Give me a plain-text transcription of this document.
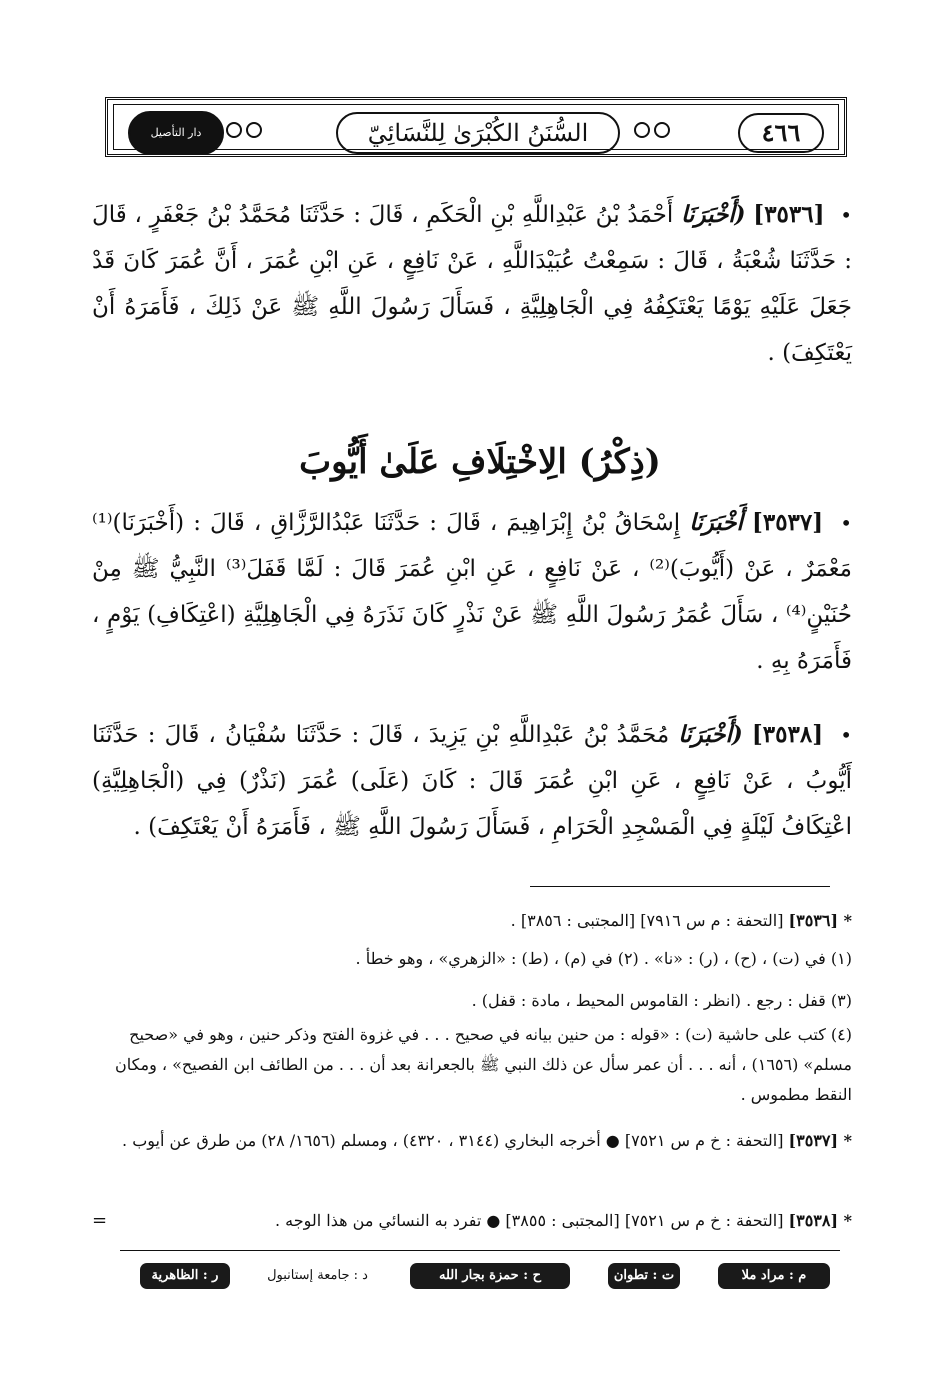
٤٦٦
السُّنَنُ الكُبْرَىٰ لِلنَّسَائِيّ
دار التأصيل
• [٣٥٣٦] (أَخْبَرَنَا أَحْمَدُ بْنُ عَبْدِاللَّهِ بْنِ الْحَكَمِ ، قَالَ : حَدَّثَنَا مُحَمَّدُ بْنُ جَعْفَرٍ ، قَالَ : حَدَّثَنَا شُعْبَةُ ، قَالَ : سَمِعْتُ عُبَيْدَاللَّهِ ، عَنْ نَافِعٍ ، عَنِ ابْنِ عُمَرَ ، أَنَّ عُمَرَ كَانَ قَدْ جَعَلَ عَلَيْهِ يَوْمًا يَعْتَكِفُهُ فِي الْجَاهِلِيَّةِ ، فَسَأَلَ رَسُولَ اللَّهِ ﷺ عَنْ ذَلِكَ ، فَأَمَرَهُ أَنْ يَعْتَكِفَ) .
(ذِكْرُ) الِاخْتِلَافِ عَلَىٰ أَيُّوبَ
• [٣٥٣٧] أَخْبَرَنَا إِسْحَاقُ بْنُ إِبْرَاهِيمَ ، قَالَ : حَدَّثَنَا عَبْدُالرَّزَّاقِ ، قَالَ : (أَخْبَرَنَا)⁽¹⁾ مَعْمَرٌ ، عَنْ (أَيُّوبَ)⁽²⁾ ، عَنْ نَافِعٍ ، عَنِ ابْنِ عُمَرَ قَالَ : لَمَّا قَفَلَ⁽³⁾ النَّبِيُّ ﷺ مِنْ حُنَيْنٍ⁽⁴⁾ ، سَأَلَ عُمَرُ رَسُولَ اللَّهِ ﷺ عَنْ نَذْرٍ كَانَ نَذَرَهُ فِي الْجَاهِلِيَّةِ (اعْتِكَافِ) يَوْمٍ ، فَأَمَرَهُ بِهِ .
• [٣٥٣٨] (أَخْبَرَنَا مُحَمَّدُ بْنُ عَبْدِاللَّهِ بْنِ يَزِيدَ ، قَالَ : حَدَّثَنَا سُفْيَانُ ، قَالَ : حَدَّثَنَا أَيُّوبُ ، عَنْ نَافِعٍ ، عَنِ ابْنِ عُمَرَ قَالَ : كَانَ (عَلَى) عُمَرَ (نَذْرٌ) فِي (الْجَاهِلِيَّةِ) اعْتِكَافُ لَيْلَةٍ فِي الْمَسْجِدِ الْحَرَامِ ، فَسَأَلَ رَسُولَ اللَّهِ ﷺ ، فَأَمَرَهُ أَنْ يَعْتَكِفَ) .
* [٣٥٣٦] [التحفة : م س ٧٩١٦] [المجتبى : ٣٨٥٦] .
(١) في (ت) ، (ح) ، (ر) : «نا» . (٢) في (م) ، (ط) : «الزهري» ، وهو خطأ .
(٣) قفل : رجع . (انظر : القاموس المحيط ، مادة : قفل) .
(٤) كتب على حاشية (ت) : «قوله : من حنين بيانه في صحيح . . . في غزوة الفتح وذكر حنين ، وهو في «صحيح مسلم» (١٦٥٦) ، أنه . . . أن عمر سأل عن ذلك النبي ﷺ بالجعرانة بعد أن . . . من الطائف ابن الفصيح» ، ومكان النقط مطموس .
* [٣٥٣٧] [التحفة : خ م س ٧٥٢١] ● أخرجه البخاري (٣١٤٤ ، ٤٣٢٠) ، ومسلم (١٦٥٦/ ٢٨) من طرق عن أيوب .
* [٣٥٣٨] [التحفة : خ م س ٧٥٢١] [المجتبى : ٣٨٥٥] ● تفرد به النسائي من هذا الوجه .
=
م : مراد ملا
ت : تطوان
ح : حمزة بجار الله
د : جامعة إستانبول
ر : الظاهرية
